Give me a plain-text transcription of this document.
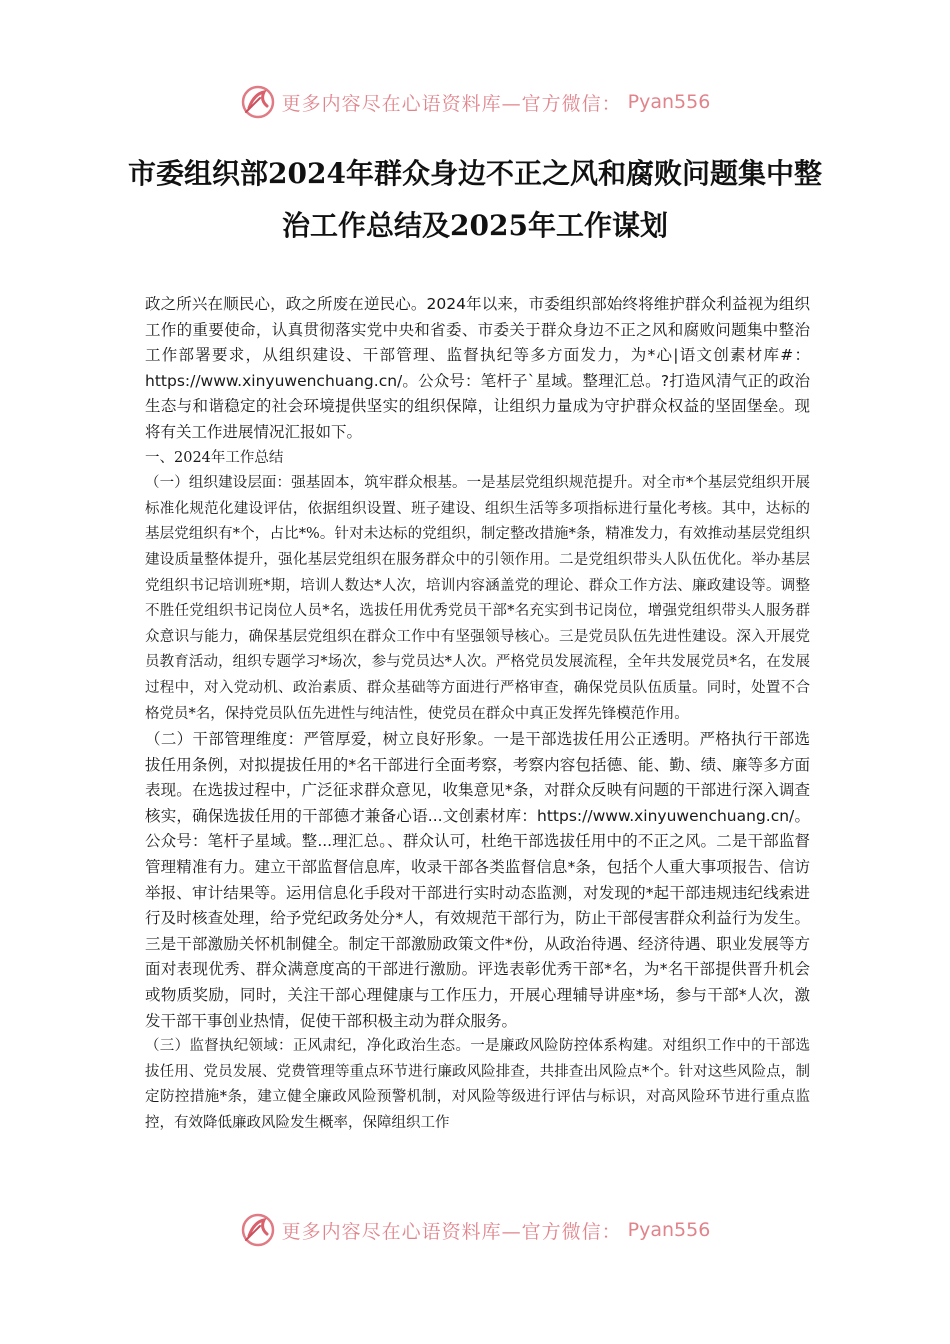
更多内容尽在心语资料库—官方微信： Pyan556
市委组织部2024年群众身边不正之风和腐败问题集中整治工作总结及2025年工作谋划

政之所兴在顺民心，政之所废在逆民心。2024年以来，市委组织部始终将维护群众利益视为组织工作的重要使命，认真贯彻落实党中央和省委、市委关于群众身边不正之风和腐败问题集中整治工作部署要求，从组织建设、干部管理、监督执纪等多方面发力，为*心|语文创素材库#：https://www.xinyuwenchuang.cn/。公众号：笔杆子`星域。整理汇总。?打造风清气正的政治生态与和谐稳定的社会环境提供坚实的组织保障，让组织力量成为守护群众权益的坚固堡垒。现将有关工作进展情况汇报如下。

一、2024年工作总结

（一）组织建设层面：强基固本，筑牢群众根基。一是基层党组织规范提升。对全市*个基层党组织开展标准化规范化建设评估，依据组织设置、班子建设、组织生活等多项指标进行量化考核。其中，达标的基层党组织有*个，占比*%。针对未达标的党组织，制定整改措施*条，精准发力，有效推动基层党组织建设质量整体提升，强化基层党组织在服务群众中的引领作用。二是党组织带头人队伍优化。举办基层党组织书记培训班*期，培训人数达*人次，培训内容涵盖党的理论、群众工作方法、廉政建设等。调整不胜任党组织书记岗位人员*名，选拔任用优秀党员干部*名充实到书记岗位，增强党组织带头人服务群众意识与能力，确保基层党组织在群众工作中有坚强领导核心。三是党员队伍先进性建设。深入开展党员教育活动，组织专题学习*场次，参与党员达*人次。严格党员发展流程，全年共发展党员*名，在发展过程中，对入党动机、政治素质、群众基础等方面进行严格审查，确保党员队伍质量。同时，处置不合格党员*名，保持党员队伍先进性与纯洁性，使党员在群众中真正发挥先锋模范作用。

（二）干部管理维度：严管厚爱，树立良好形象。一是干部选拔任用公正透明。严格执行干部选拔任用条例，对拟提拔任用的*名干部进行全面考察，考察内容包括德、能、勤、绩、廉等多方面表现。在选拔过程中，广泛征求群众意见，收集意见*条，对群众反映有问题的干部进行深入调查核实，确保选拔任用的干部德才兼备心语...文创素材库：https://www.xinyuwenchuang.cn/。公众号：笔杆子星域。整...理汇总。、群众认可，杜绝干部选拔任用中的不正之风。二是干部监督管理精准有力。建立干部监督信息库，收录干部各类监督信息*条，包括个人重大事项报告、信访举报、审计结果等。运用信息化手段对干部进行实时动态监测，对发现的*起干部违规违纪线索进行及时核查处理，给予党纪政务处分*人，有效规范干部行为，防止干部侵害群众利益行为发生。三是干部激励关怀机制健全。制定干部激励政策文件*份，从政治待遇、经济待遇、职业发展等方面对表现优秀、群众满意度高的干部进行激励。评选表彰优秀干部*名，为*名干部提供晋升机会或物质奖励，同时，关注干部心理健康与工作压力，开展心理辅导讲座*场，参与干部*人次，激发干部干事创业热情，促使干部积极主动为群众服务。

（三）监督执纪领域：正风肃纪，净化政治生态。一是廉政风险防控体系构建。对组织工作中的干部选拔任用、党员发展、党费管理等重点环节进行廉政风险排查，共排查出风险点*个。针对这些风险点，制定防控措施*条，建立健全廉政风险预警机制，对风险等级进行评估与标识，对高风险环节进行重点监控，有效降低廉政风险发生概率，保障组织工作

更多内容尽在心语资料库—官方微信： Pyan556
